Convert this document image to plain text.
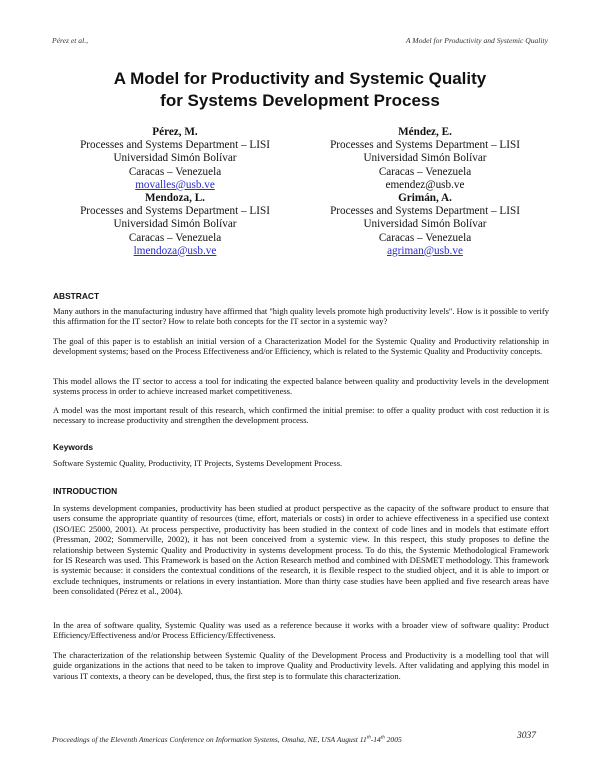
Pérez et al.,	A Model for Productivity and Systemic Quality
A Model for Productivity and Systemic Quality
for Systems Development Process
Pérez, M.
Processes and Systems Department – LISI
Universidad Simón Bolívar
Caracas – Venezuela
movalles@usb.ve
Méndez, E.
Processes and Systems Department – LISI
Universidad Simón Bolívar
Caracas – Venezuela
emendez@usb.ve
Mendoza, L.
Processes and Systems Department – LISI
Universidad Simón Bolívar
Caracas – Venezuela
lmendoza@usb.ve
Grimán, A.
Processes and Systems Department – LISI
Universidad Simón Bolívar
Caracas – Venezuela
agriman@usb.ve
ABSTRACT
Many authors in the manufacturing industry have affirmed that "high quality levels promote high productivity levels". How is it possible to verify this affirmation for the IT sector? How to relate both concepts for the IT sector in a systemic way?
The goal of this paper is to establish an initial version of a Characterization Model for the Systemic Quality and Productivity relationship in development systems; based on the Process Effectiveness and/or Efficiency, which is related to the Systemic Quality and Productivity concepts.
This model allows the IT sector to access a tool for indicating the expected balance between quality and productivity levels in the development systems process in order to achieve increased market competitiveness.
A model was the most important result of this research, which confirmed the initial premise: to offer a quality product with cost reduction it is necessary to increase productivity and strengthen the development process.
Keywords
Software Systemic Quality, Productivity, IT Projects, Systems Development Process.
INTRODUCTION
In systems development companies, productivity has been studied at product perspective as the capacity of the software product to ensure that users consume the appropriate quantity of resources (time, effort, materials or costs) in order to achieve effectiveness in a specified use context (ISO/IEC 25000, 2001). At process perspective, productivity has been studied in the context of code lines and in models that estimate effort (Pressman, 2002; Sommerville, 2002), it has not been conceived from a systemic view. In this respect, this study proposes to define the relationship between Systemic Quality and Productivity in systems development process. To do this, the Systemic Methodological Framework for IS Research was used. This Framework is based on the Action Research method and combined with DESMET methodology. This framework is systemic because: it considers the contextual conditions of the research, it is flexible respect to the studied object, and it is able to import or exclude techniques, instruments or relations in every instantiation. More than thirty case studies have been applied and five research areas have been consolidated (Pérez et al., 2004).
In the area of software quality, Systemic Quality was used as a reference because it works with a broader view of software quality: Product Efficiency/Effectiveness and/or Process Efficiency/Effectiveness.
The characterization of the relationship between Systemic Quality of the Development Process and Productivity is a modelling tool that will guide organizations in the actions that need to be taken to improve Quality and Productivity levels. After validating and applying this model in various IT contexts, a theory can be developed, thus, the first step is to formulate this characterization.
Proceedings of the Eleventh Americas Conference on Information Systems, Omaha, NE, USA August 11th-14th 2005	3037
